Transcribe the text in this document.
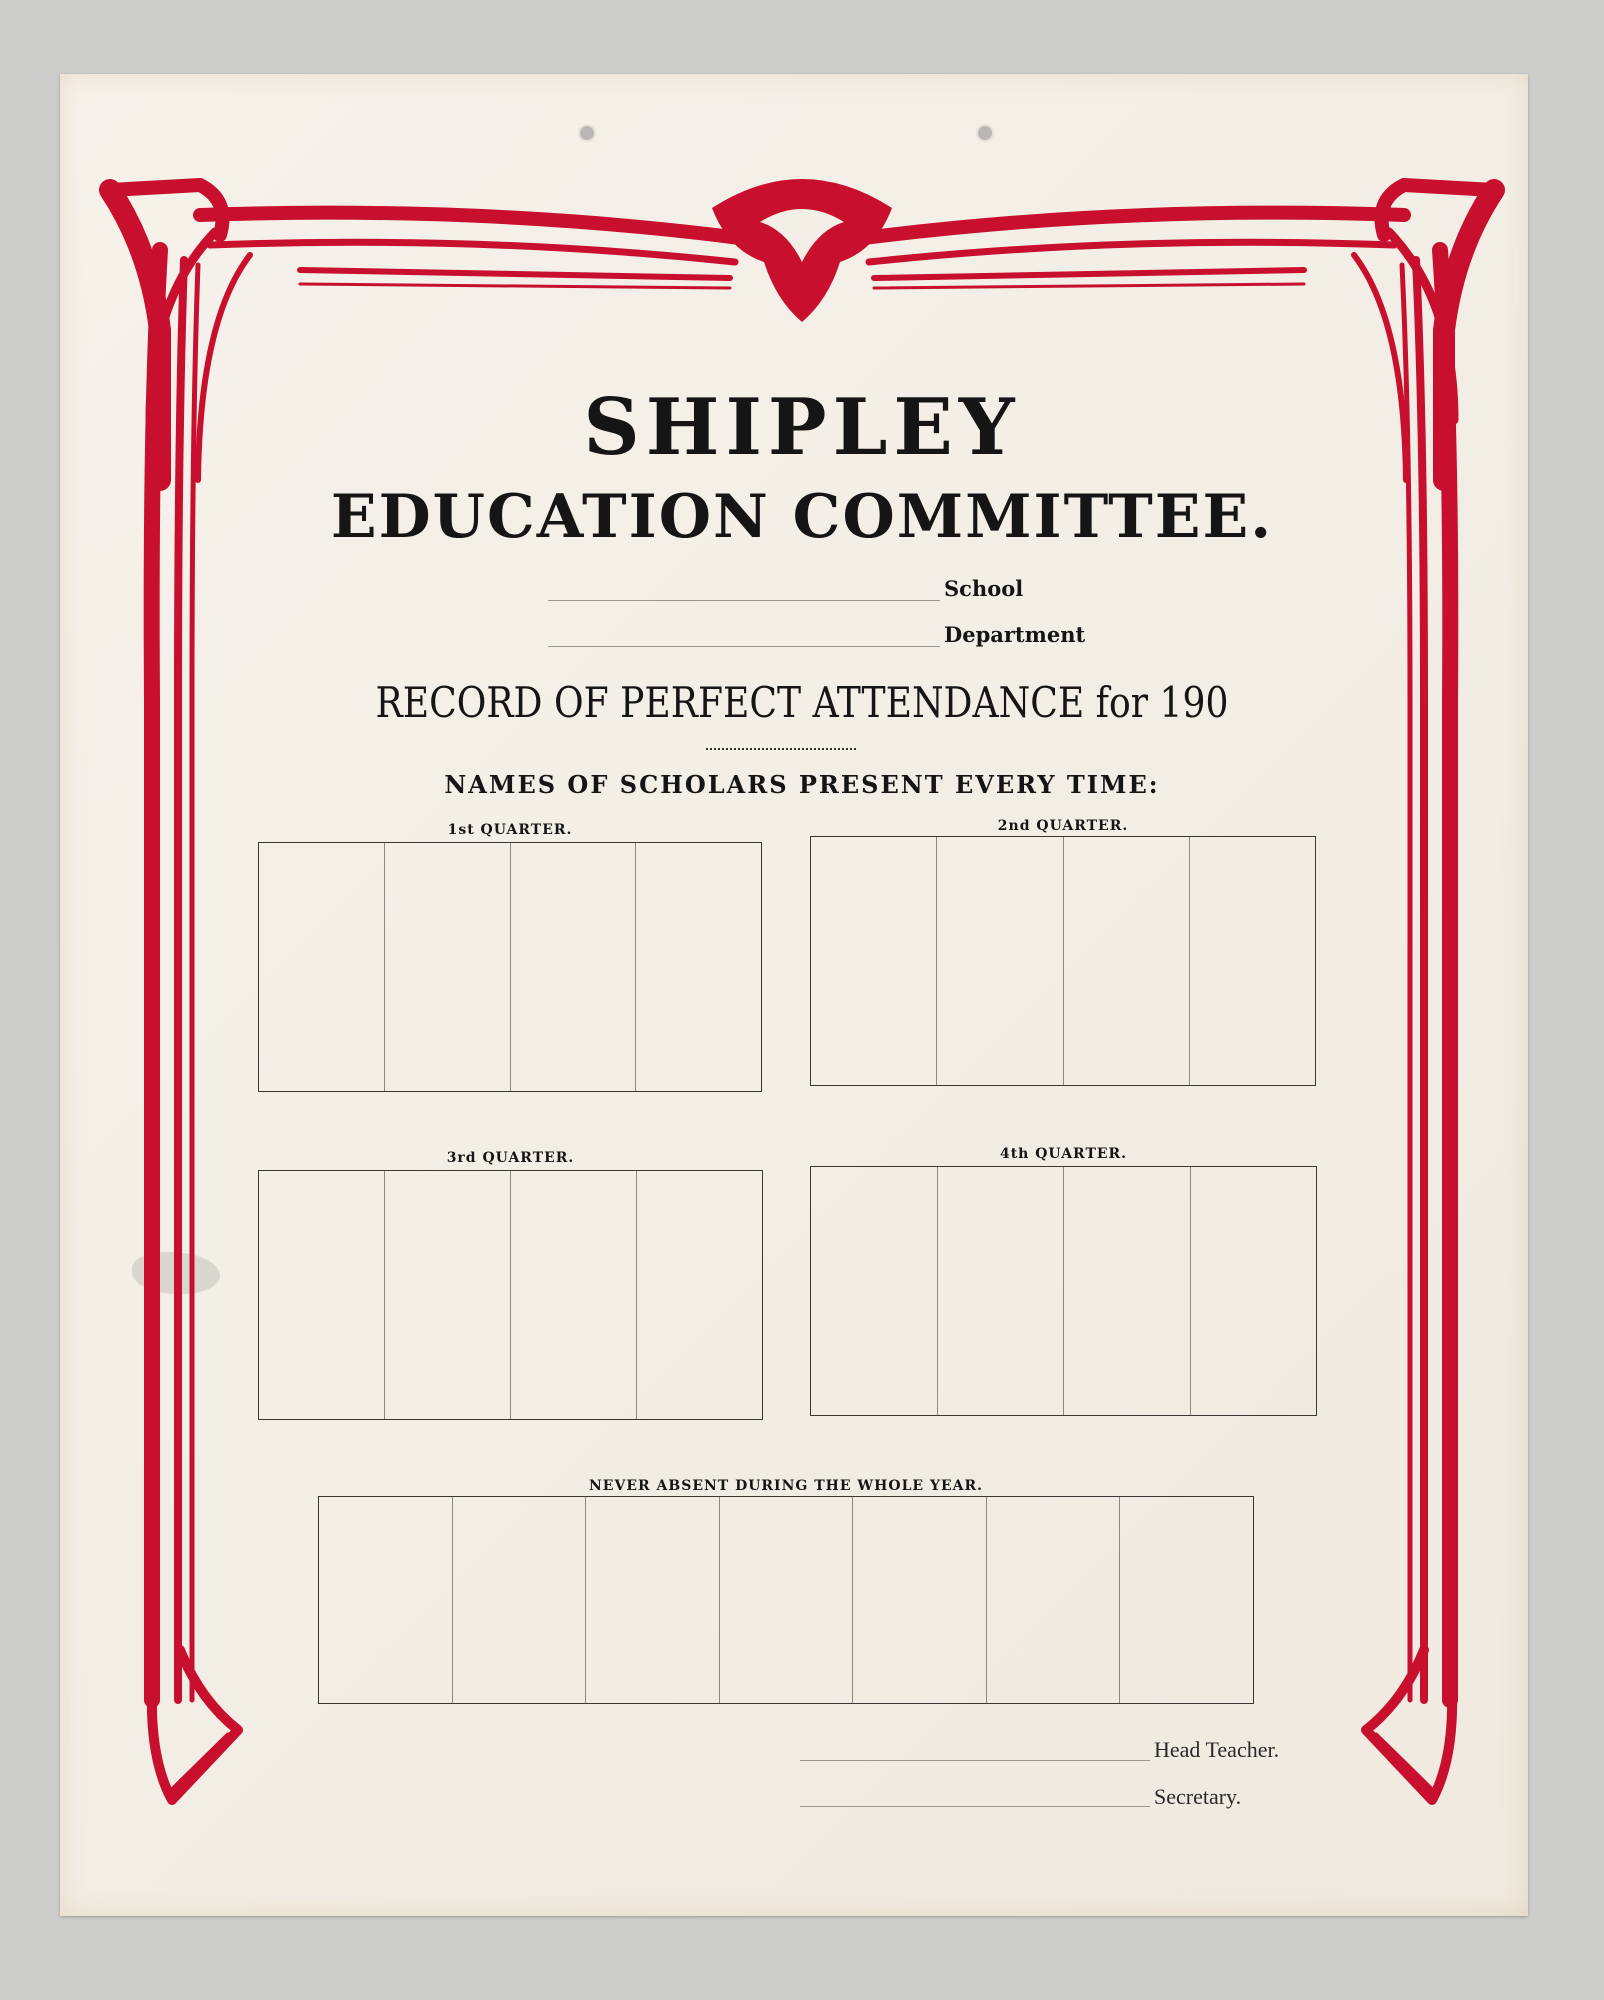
SHIPLEY

EDUCATION COMMITTEE.

School
Department

RECORD OF PERFECT ATTENDANCE for 190

NAMES OF SCHOLARS PRESENT EVERY TIME:

1st QUARTER.	2nd QUARTER.
3rd QUARTER.	4th QUARTER.
NEVER ABSENT DURING THE WHOLE YEAR.
Head Teacher.
Secretary.
